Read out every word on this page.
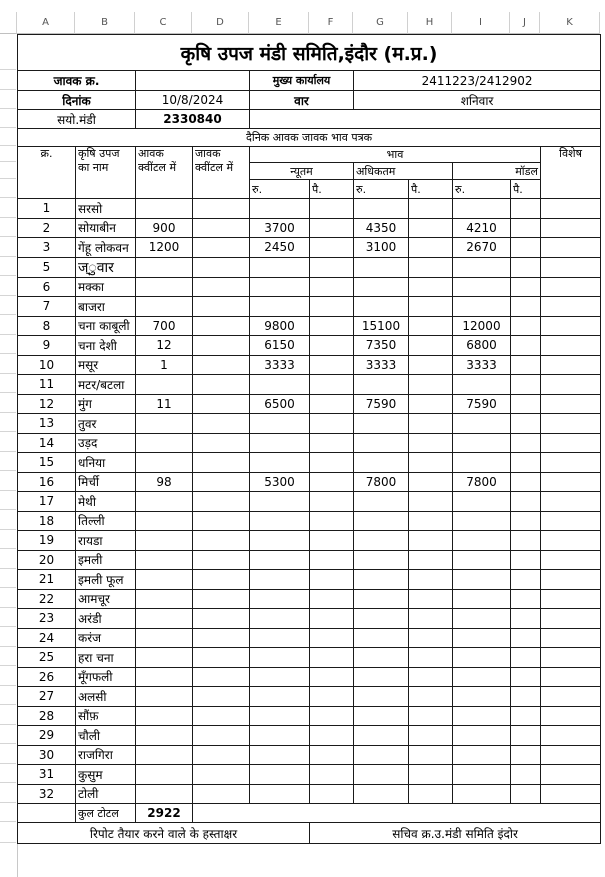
A	B	C	D	E	F	G	H	I	J	K
कृषि उपज मंडी समिति,इंदौर (म.प्र.)										
जावक क्र.				मुख्य कार्यालय		2411223/2412902				
दिनांक		10/8/2024		वार		शनिवार				
सयो.मंडी		2330840								
दैनिक आवक जावक भाव पत्रक										
क्र.	कृषि उपज का नाम	आवक क्वींटल में	जावक क्वींटल में	भाव						विशेष
				न्यूतम		अधिकतम		मॉडल		
				रु.	पै.	रु.	पै.	रु.	पै.	
1	सरसो									
2	सोयाबीन	900		3700		4350		4210		
3	गेंहू लोकवन	1200		2450		3100		2670		
5	ज्ुवार									
6	मक्का									
7	बाजरा									
8	चना काबूली	700		9800		15100		12000		
9	चना देशी	12		6150		7350		6800		
10	मसूर	1		3333		3333		3333		
11	मटर/बटला									
12	मुंग	11		6500		7590		7590		
13	तुवर									
14	उड़द									
15	धनिया									
16	मिर्ची	98		5300		7800		7800		
17	मेथी									
18	तिल्ली									
19	रायडा									
20	इमली									
21	इमली फूल									
22	आमचूर									
23	अरंडी									
24	करंज									
25	हरा चना									
26	मूँगफली									
27	अलसी									
28	सौंफ़									
29	चौली									
30	राजगिरा									
31	कुसुम									
32	टोली									
	कुल टोटल	2922								
रिपोट तैयार करने वाले के हस्ताक्षर					सचिव क्र.उ.मंडी समिति इंदोर					
